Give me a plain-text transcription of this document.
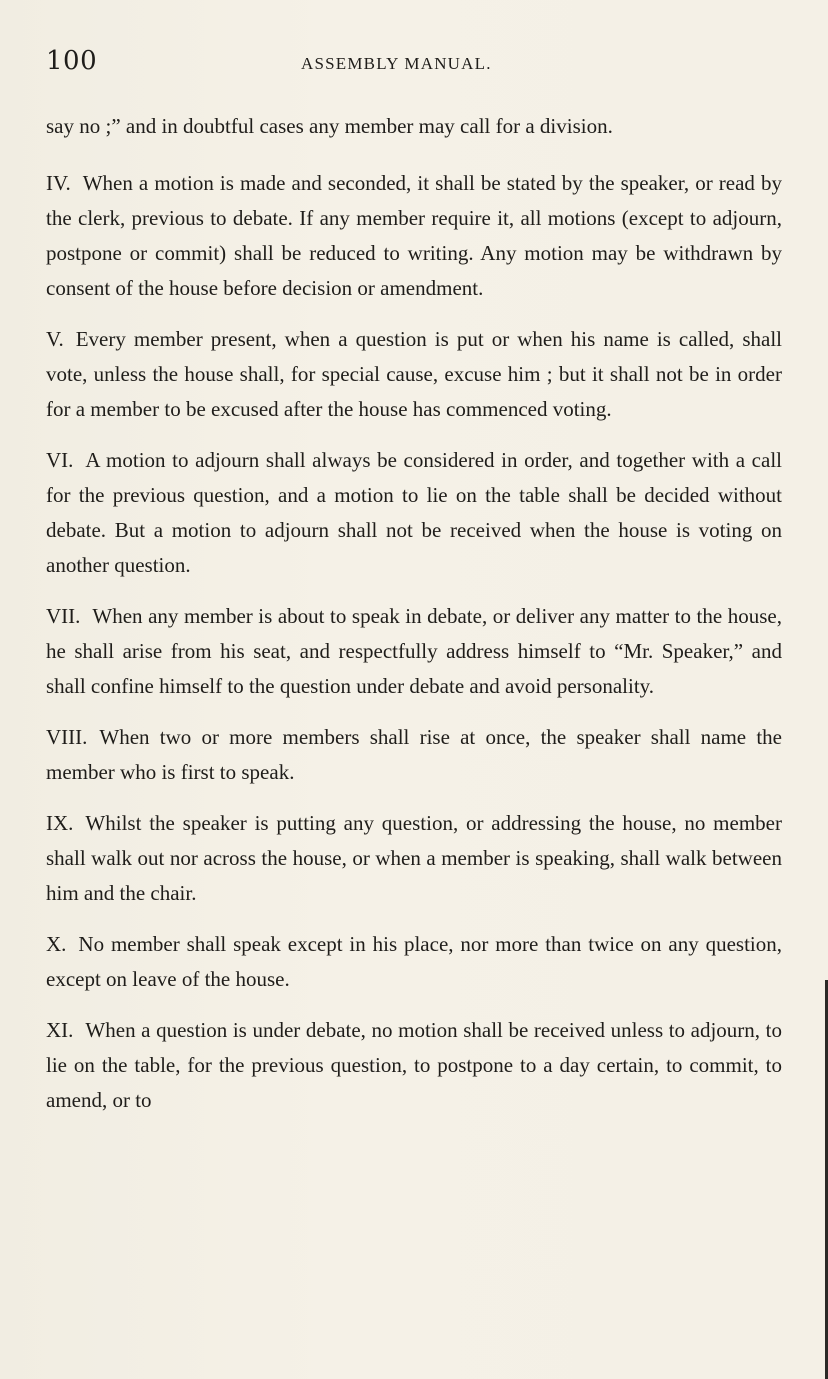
100	ASSEMBLY MANUAL.

say no ;” and in doubtful cases any member may call for a division.

IV. When a motion is made and seconded, it shall be stated by the speaker, or read by the clerk, previous to debate. If any member require it, all motions (except to adjourn, postpone or commit) shall be reduced to writing. Any motion may be withdrawn by consent of the house before decision or amendment.

V. Every member present, when a question is put or when his name is called, shall vote, unless the house shall, for special cause, excuse him ; but it shall not be in order for a member to be excused after the house has commenced voting.

VI. A motion to adjourn shall always be considered in order, and together with a call for the previous question, and a motion to lie on the table shall be decided without debate. But a motion to adjourn shall not be received when the house is voting on another question.

VII. When any member is about to speak in debate, or deliver any matter to the house, he shall arise from his seat, and respectfully address himself to “Mr. Speaker,” and shall confine himself to the question under debate and avoid personality.

VIII. When two or more members shall rise at once, the speaker shall name the member who is first to speak.

IX. Whilst the speaker is putting any question, or addressing the house, no member shall walk out nor across the house, or when a member is speaking, shall walk between him and the chair.

X. No member shall speak except in his place, nor more than twice on any question, except on leave of the house.

XI. When a question is under debate, no motion shall be received unless to adjourn, to lie on the table, for the previous question, to postpone to a day certain, to commit, to amend, or to
